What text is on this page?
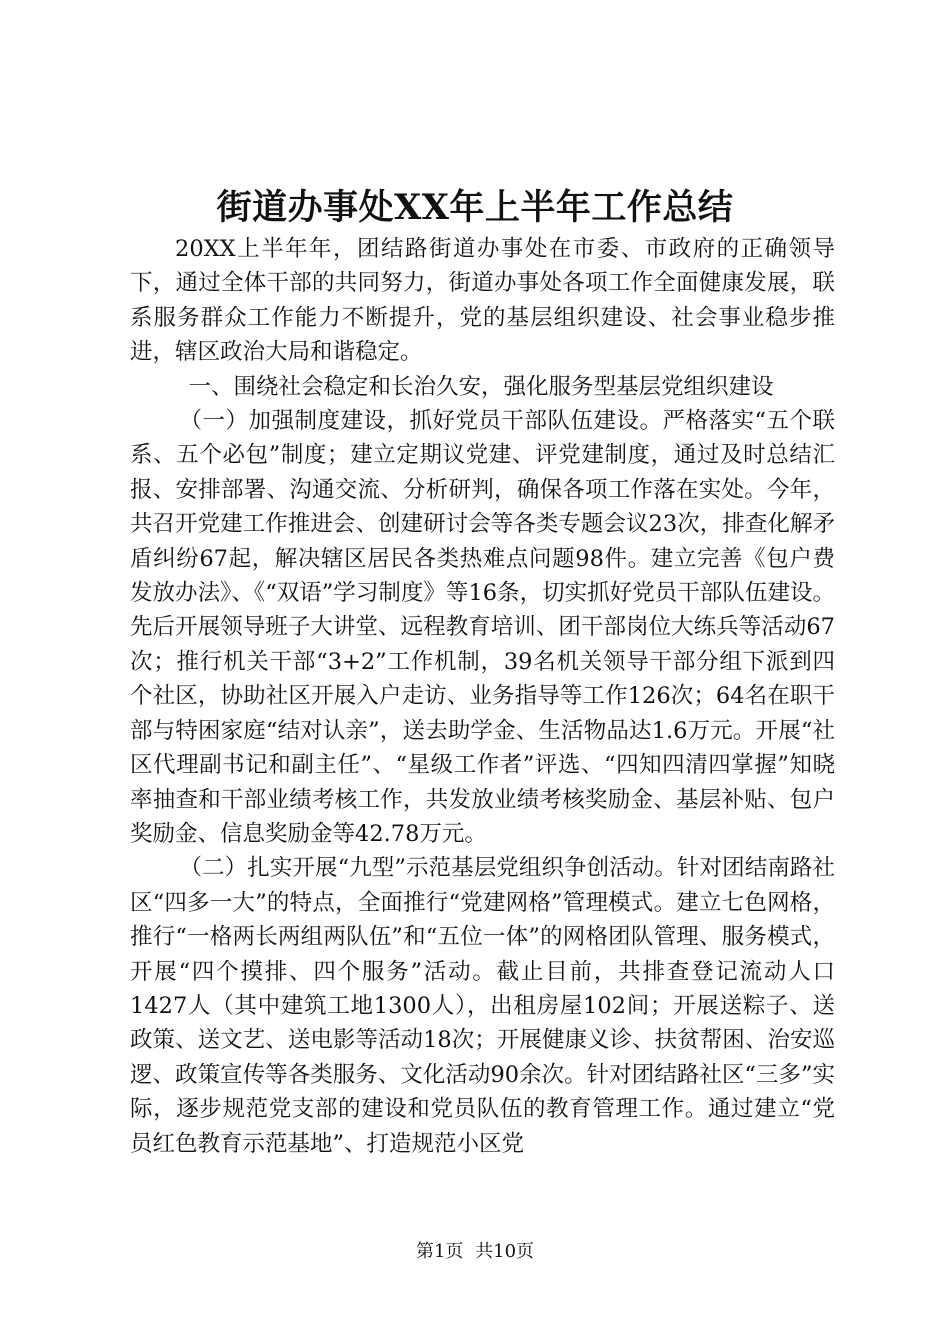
街道办事处XX年上半年工作总结

20XX上半年年，团结路街道办事处在市委、市政府的正确领导下，通过全体干部的共同努力，街道办事处各项工作全面健康发展，联系服务群众工作能力不断提升，党的基层组织建设、社会事业稳步推进，辖区政治大局和谐稳定。

一、围绕社会稳定和长治久安，强化服务型基层党组织建设

（一）加强制度建设，抓好党员干部队伍建设。严格落实“五个联系、五个必包”制度；建立定期议党建、评党建制度，通过及时总结汇报、安排部署、沟通交流、分析研判，确保各项工作落在实处。今年，共召开党建工作推进会、创建研讨会等各类专题会议23次，排查化解矛盾纠纷67起，解决辖区居民各类热难点问题98件。建立完善《包户费发放办法》、《“双语”学习制度》等16条，切实抓好党员干部队伍建设。先后开展领导班子大讲堂、远程教育培训、团干部岗位大练兵等活动67次；推行机关干部“3+2”工作机制，39名机关领导干部分组下派到四个社区，协助社区开展入户走访、业务指导等工作126次；64名在职干部与特困家庭“结对认亲”，送去助学金、生活物品达1.6万元。开展“社区代理副书记和副主任”、“星级工作者”评选、“四知四清四掌握”知晓率抽查和干部业绩考核工作，共发放业绩考核奖励金、基层补贴、包户奖励金、信息奖励金等42.78万元。

（二）扎实开展“九型”示范基层党组织争创活动。针对团结南路社区“四多一大”的特点，全面推行“党建网格”管理模式。建立七色网格，推行“一格两长两组两队伍”和“五位一体”的网格团队管理、服务模式，开展“四个摸排、四个服务”活动。截止目前，共排查登记流动人口1427人（其中建筑工地1300人），出租房屋102间；开展送粽子、送政策、送文艺、送电影等活动18次；开展健康义诊、扶贫帮困、治安巡逻、政策宣传等各类服务、文化活动90余次。针对团结路社区“三多”实际，逐步规范党支部的建设和党员队伍的教育管理工作。通过建立“党员红色教育示范基地”、打造规范小区党

第1页 共10页
